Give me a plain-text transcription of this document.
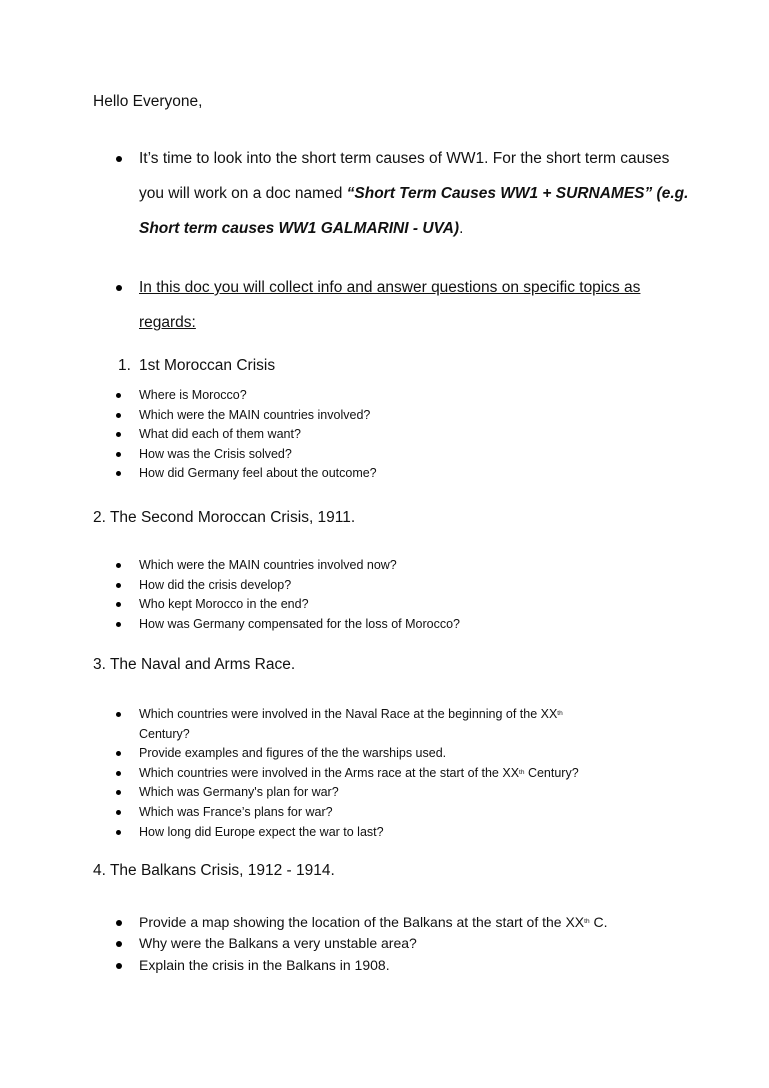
Hello Everyone,
It’s time to look into the short term causes of WW1. For the short term causes you will work on a doc named “Short Term Causes WW1 + SURNAMES” (e.g. Short term causes WW1 GALMARINI - UVA).
In this doc you will collect info and answer questions on specific topics as regards:
1. 1st Moroccan Crisis
Where is Morocco?
Which were the MAIN countries involved?
What did each of them want?
How was the Crisis solved?
How did Germany feel about the outcome?
2. The Second Moroccan Crisis, 1911.
Which were the MAIN countries involved now?
How did the crisis develop?
Who kept Morocco in the end?
How was Germany compensated for the loss of Morocco?
3. The Naval and Arms Race.
Which countries were involved in the Naval Race at the beginning of the XXth
Century?
Provide examples and figures of the the warships used.
Which countries were involved in the Arms race at the start of the XXth Century?
Which was Germany's plan for war?
Which was France’s plans for war?
How long did Europe expect the war to last?
4. The Balkans Crisis, 1912 - 1914.
Provide a map showing the location of the Balkans at the start of the XXth C.
Why were the Balkans a very unstable area?
Explain the crisis in the Balkans in 1908.
